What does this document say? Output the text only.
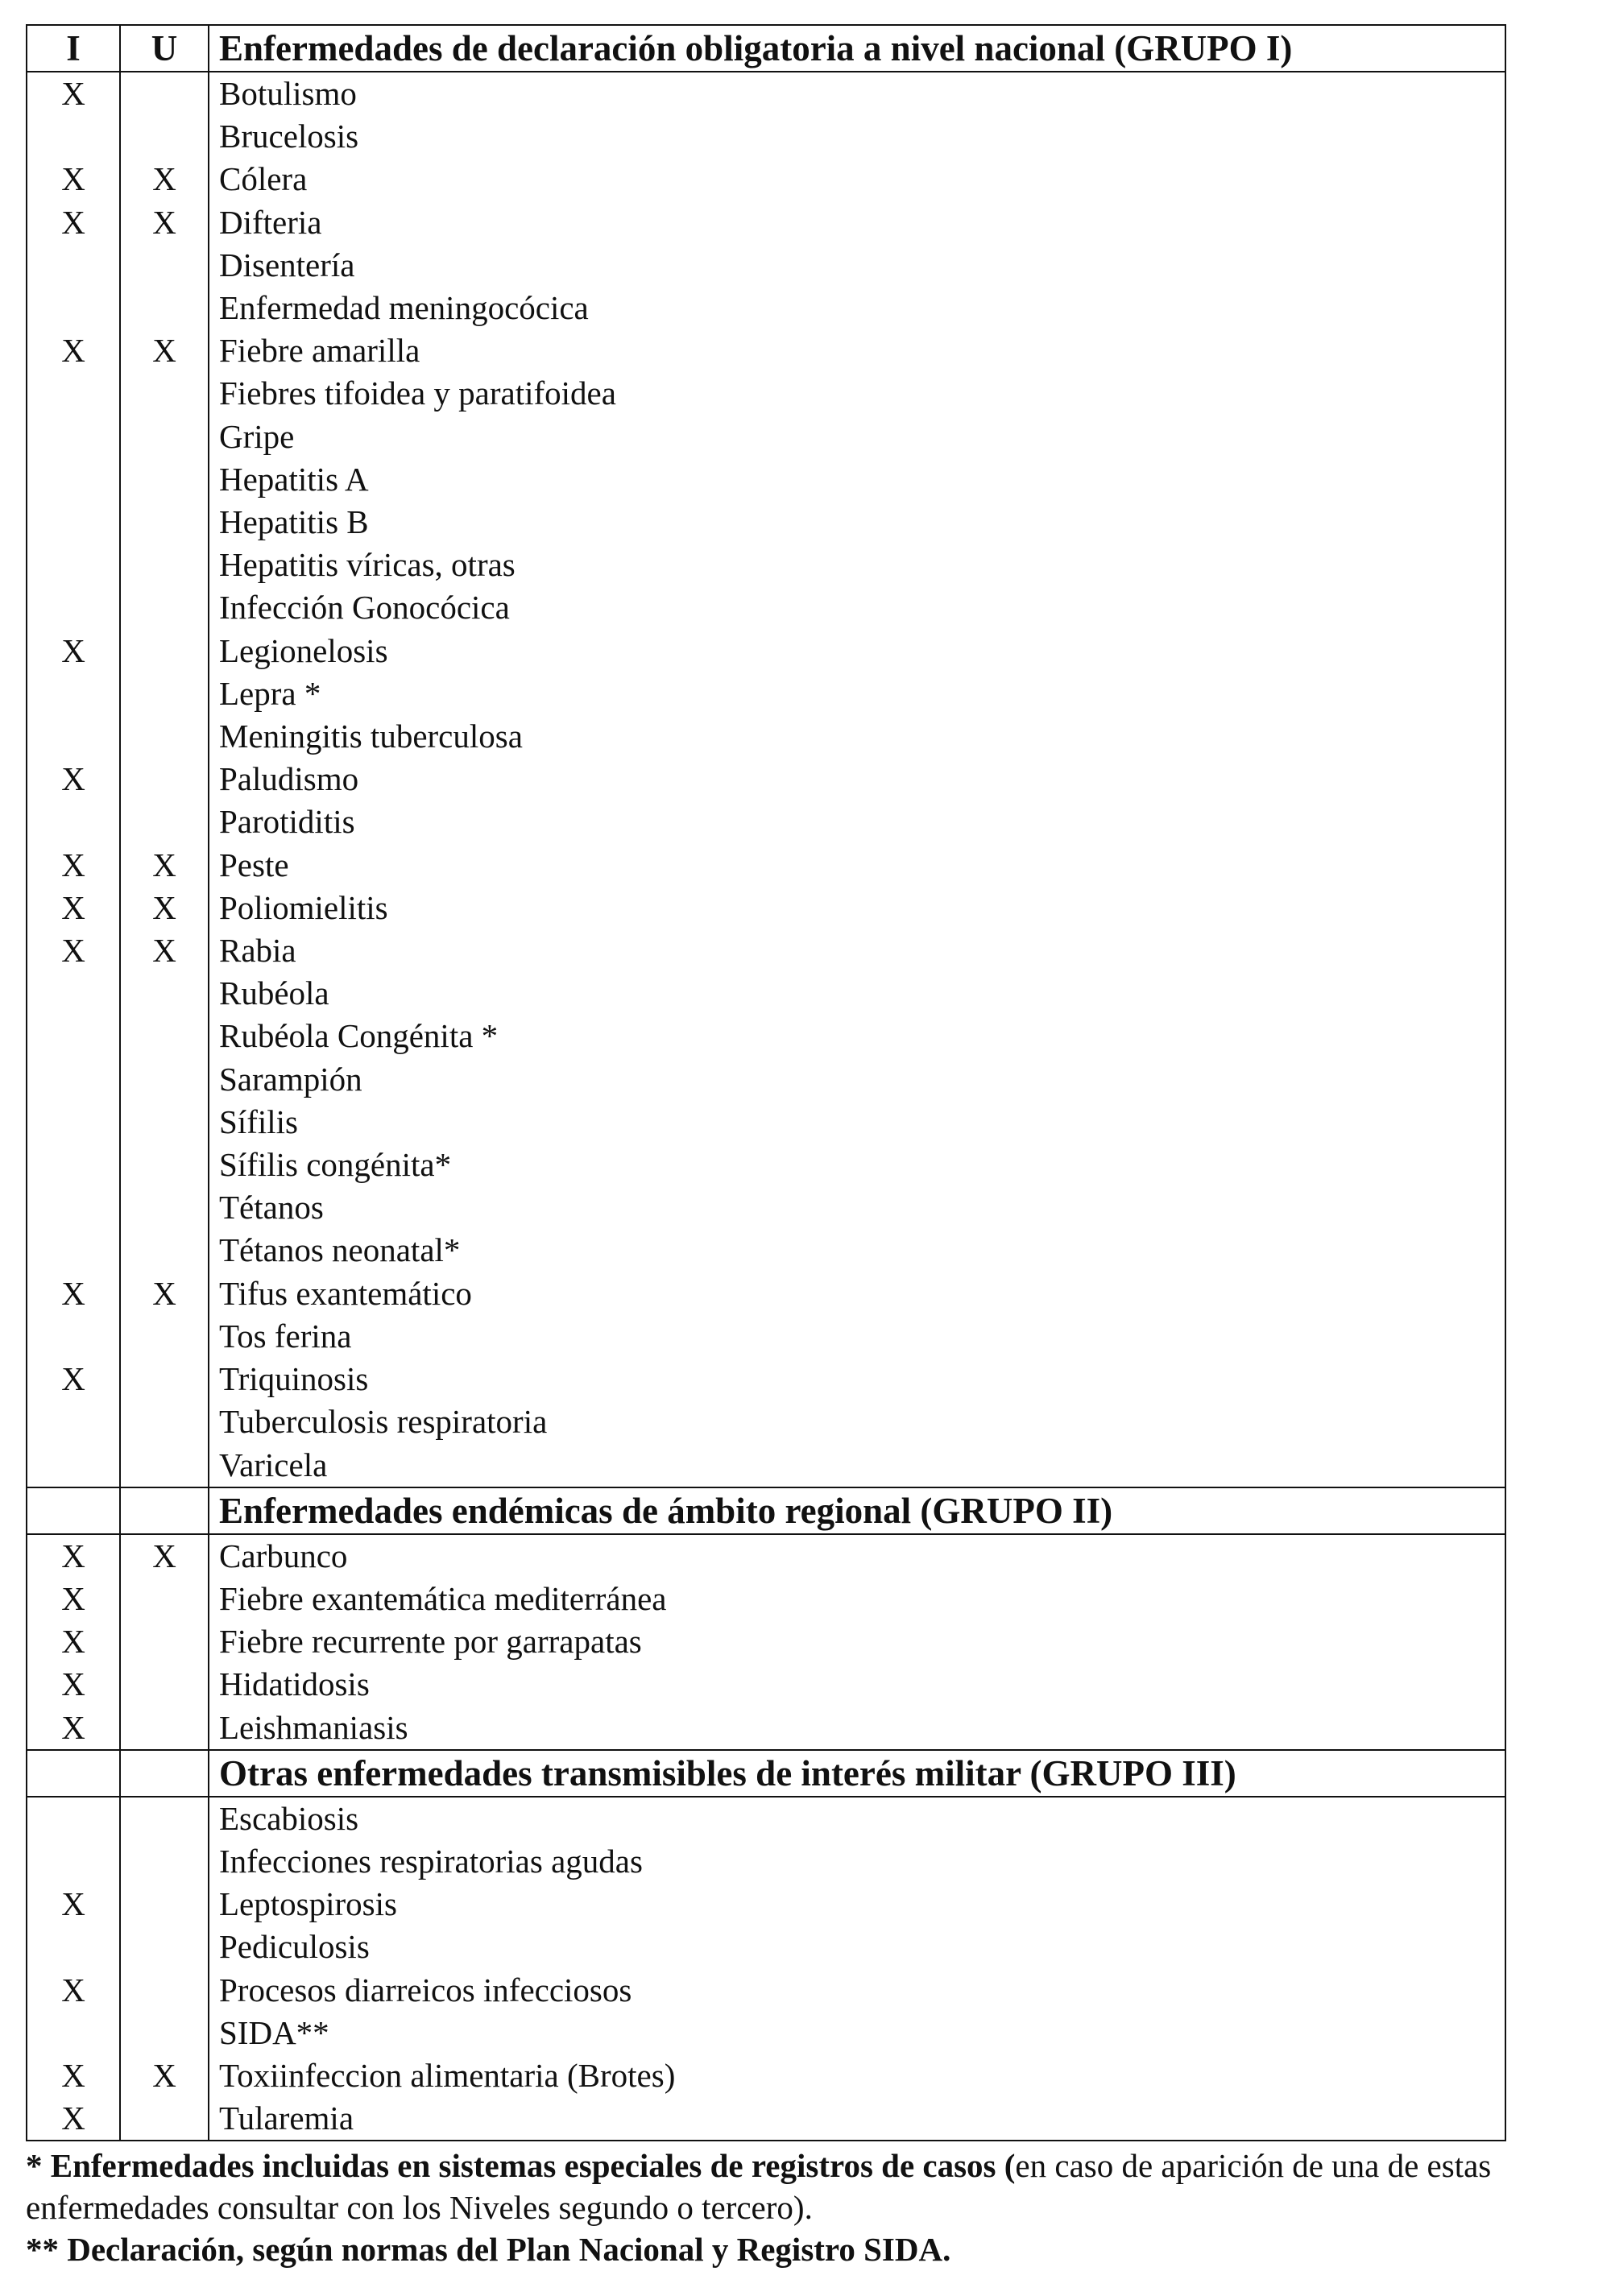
I	U	Enfermedades de declaración obligatoria a nivel nacional (GRUPO I)
X		Botulismo
		Brucelosis
X	X	Cólera
X	X	Difteria
		Disentería
		Enfermedad meningocócica
X	X	Fiebre amarilla
		Fiebres tifoidea y paratifoidea
		Gripe
		Hepatitis A
		Hepatitis B
		Hepatitis víricas, otras
		Infección Gonocócica
X		Legionelosis
		Lepra *
		Meningitis tuberculosa
X		Paludismo
		Parotiditis
X	X	Peste
X	X	Poliomielitis
X	X	Rabia
		Rubéola
		Rubéola Congénita *
		Sarampión
		Sífilis
		Sífilis congénita*
		Tétanos
		Tétanos neonatal*
X	X	Tifus exantemático
		Tos ferina
X		Triquinosis
		Tuberculosis respiratoria
		Varicela
		Enfermedades endémicas de ámbito regional (GRUPO II)
X	X	Carbunco
X		Fiebre exantemática mediterránea
X		Fiebre recurrente por garrapatas
X		Hidatidosis
X		Leishmaniasis
		Otras enfermedades transmisibles de interés militar (GRUPO III)
		Escabiosis
		Infecciones respiratorias agudas
X		Leptospirosis
		Pediculosis
X		Procesos diarreicos infecciosos
		SIDA**
X	X	Toxiinfeccion alimentaria (Brotes)
X		Tularemia

* Enfermedades incluidas en sistemas especiales de registros de casos (en caso de aparición de una de estas enfermedades consultar con los Niveles segundo o tercero).

** Declaración, según normas del Plan Nacional y Registro SIDA.
